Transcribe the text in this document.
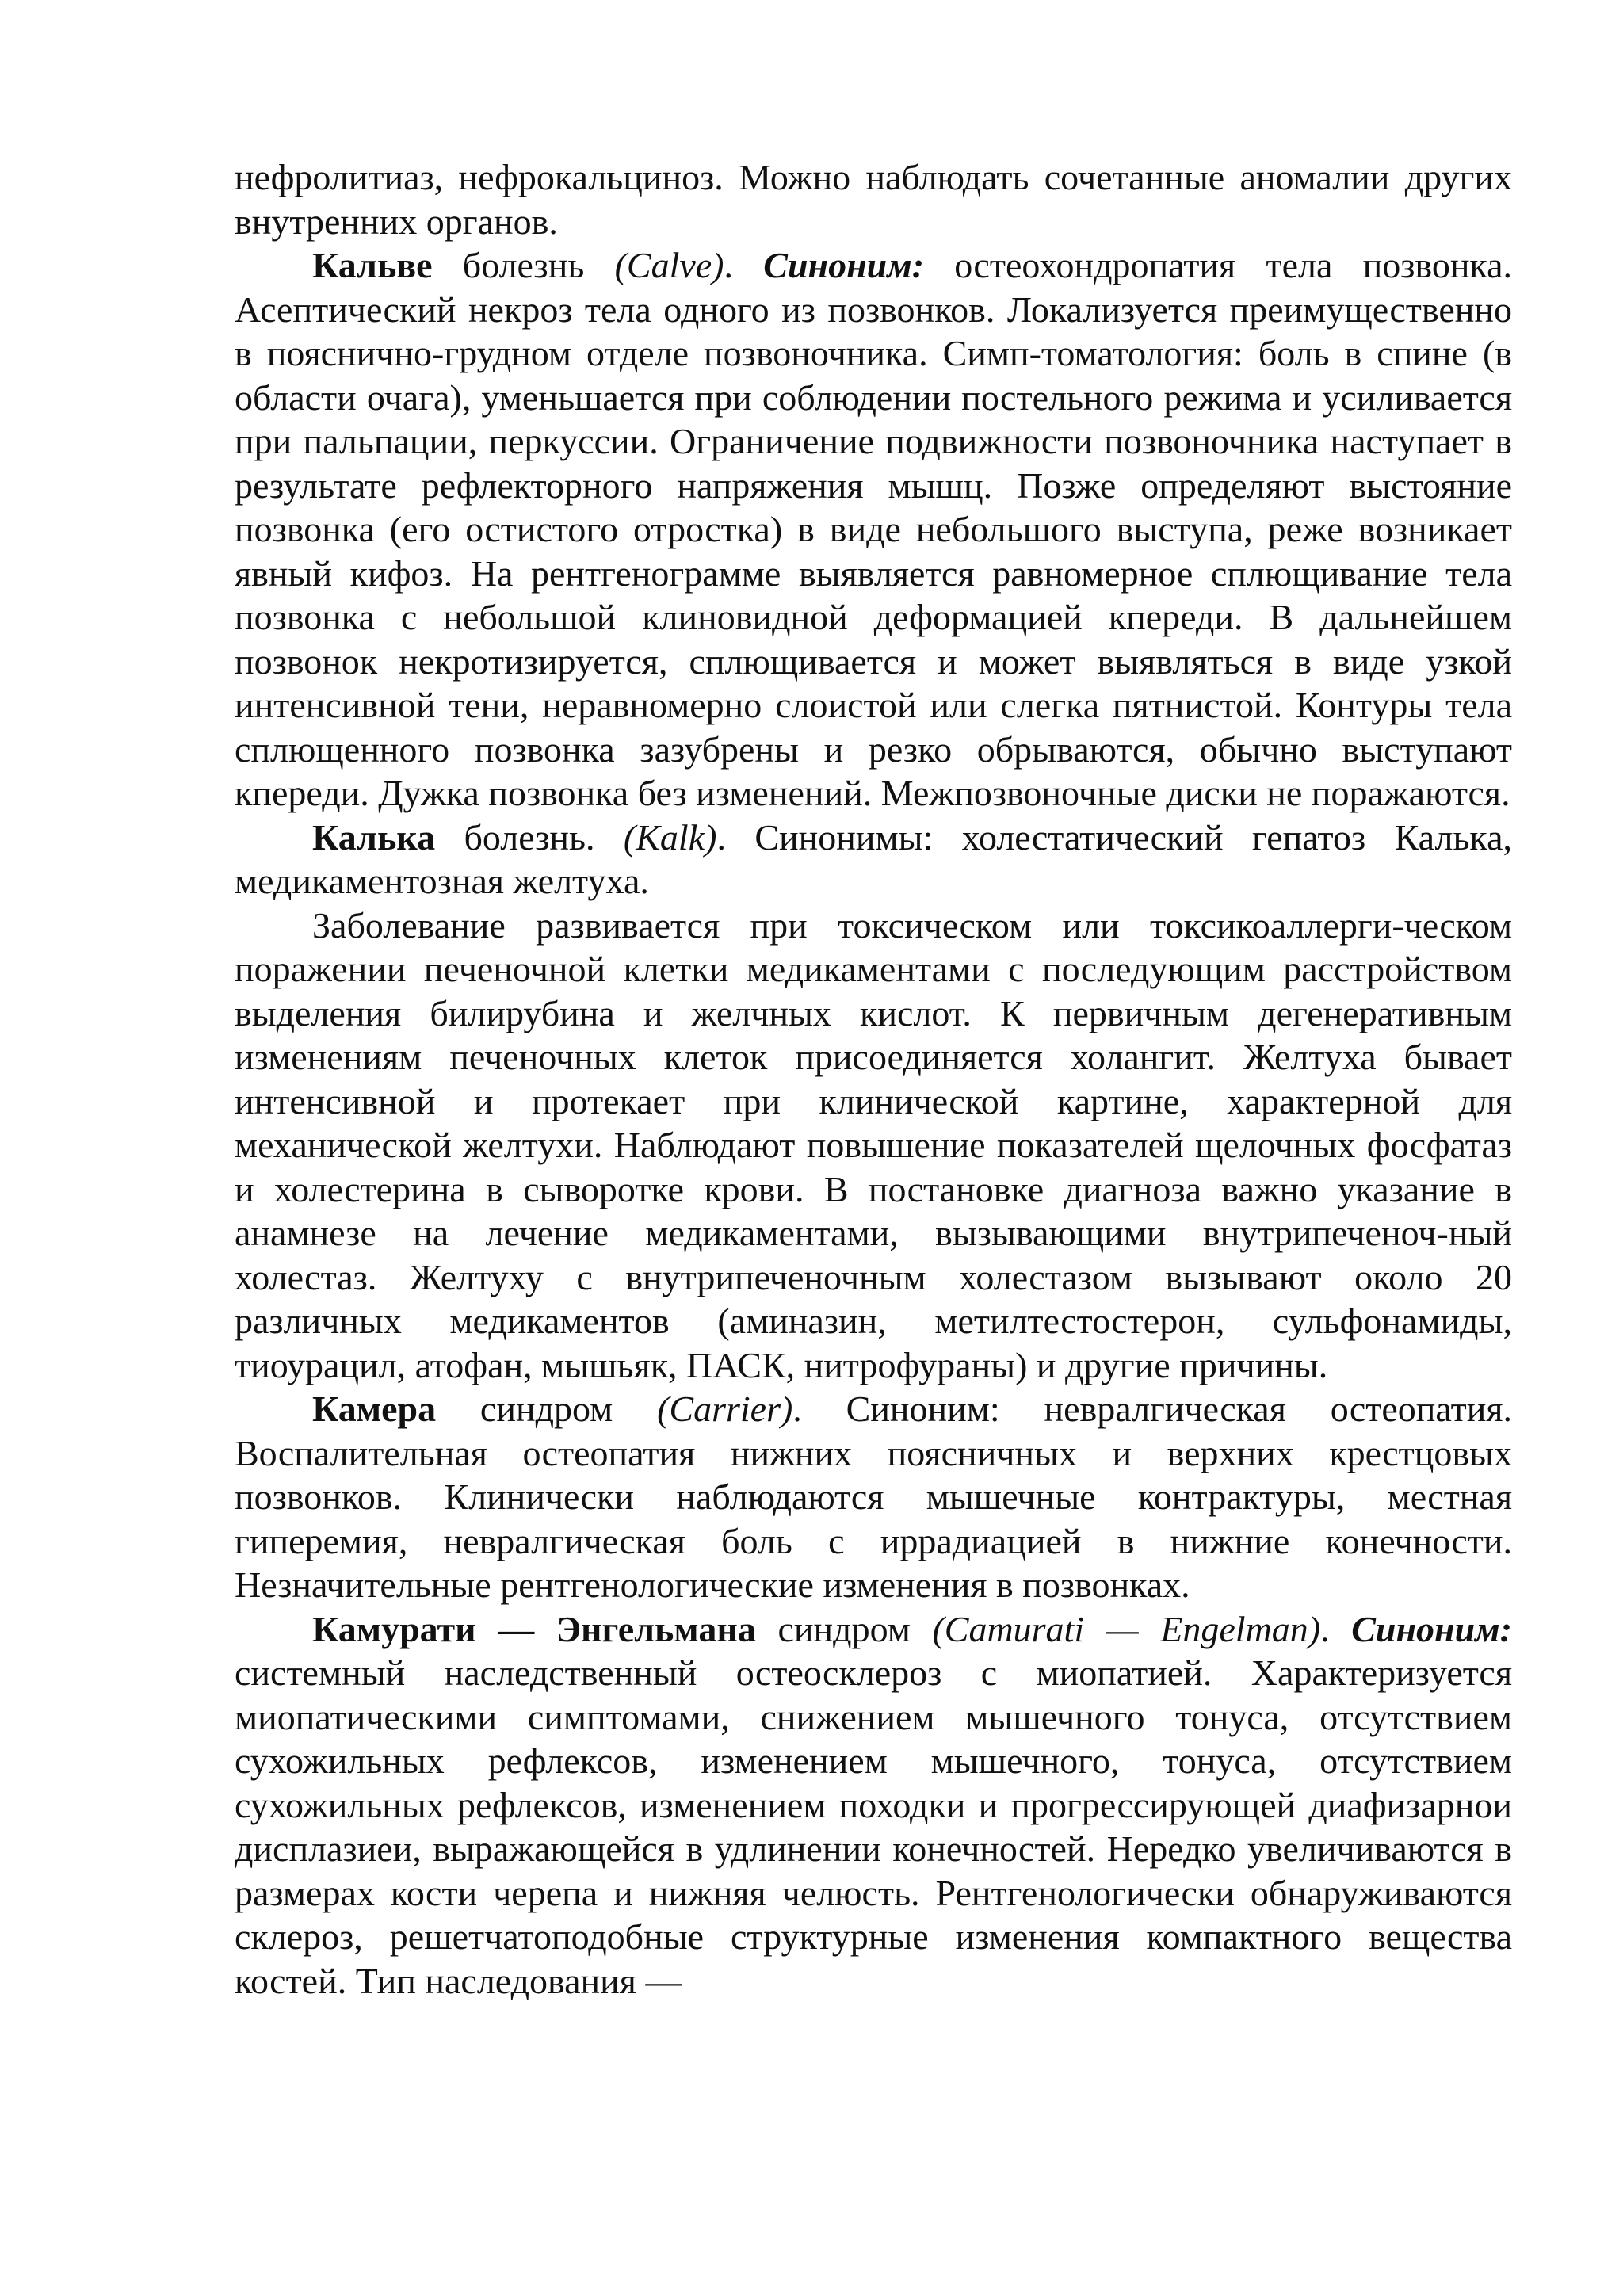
нефролитиаз, нефрокальциноз. Можно наблюдать сочетанные аномалии других внутренних органов.

Кальве болезнь (Calve). Синоним: остеохондропатия тела позвонка. Асептический некроз тела одного из позвонков. Локализуется преимущественно в пояснично-грудном отделе позвоночника. Симп-томатология: боль в спине (в области очага), уменьшается при соблюдении постельного режима и усиливается при пальпации, перкуссии. Ограничение подвижности позвоночника наступает в результате рефлекторного напряжения мышц. Позже определяют выстояние позвонка (его остистого отростка) в виде небольшого выступа, реже возникает явный кифоз. На рентгенограмме выявляется равномерное сплющивание тела позвонка с небольшой клиновидной деформацией кпереди. В дальнейшем позвонок некротизируется, сплющивается и может выявляться в виде узкой интенсивной тени, неравномерно слоистой или слегка пятнистой. Контуры тела сплющенного позвонка зазубрены и резко обрываются, обычно выступают кпереди. Дужка позвонка без изменений. Межпозвоночные диски не поражаются.

Калька болезнь. (Kalk). Синонимы: холестатический гепатоз Калька, медикаментозная желтуха.

Заболевание развивается при токсическом или токсикоаллерги-ческом поражении печеночной клетки медикаментами с последующим расстройством выделения билирубина и желчных кислот. К первичным дегенеративным изменениям печеночных клеток присоединяется холангит. Желтуха бывает интенсивной и протекает при клинической картине, характерной для механической желтухи. Наблюдают повышение показателей щелочных фосфатаз и холестерина в сыворотке крови. В постановке диагноза важно указание в анамнезе на лечение медикаментами, вызывающими внутрипеченоч-ный холестаз. Желтуху с внутрипеченочным холестазом вызывают около 20 различных медикаментов (аминазин, метилтестостерон, сульфонамиды, тиоурацил, атофан, мышьяк, ПАСК, нитрофураны) и другие причины.

Камера синдром (Carrier). Синоним: невралгическая остеопатия. Воспалительная остеопатия нижних поясничных и верхних крестцовых позвонков. Клинически наблюдаются мышечные контрактуры, местная гиперемия, невралгическая боль с иррадиацией в нижние конечности. Незначительные рентгенологические изменения в позвонках.

Камурати — Энгельмана синдром (Camurati — Engelman). Синоним: системный наследственный остеосклероз с миопатией. Характеризуется миопатическими симптомами, снижением мышечного тонуса, отсутствием сухожильных рефлексов, изменением мышечного, тонуса, отсутствием сухожильных рефлексов, изменением походки и прогрессирующей диафизарнои дисплазиеи, выражающейся в удлинении конечностей. Нередко увеличиваются в размерах кости черепа и нижняя челюсть. Рентгенологически обнаруживаются склероз, решетчатоподобные структурные изменения компактного вещества костей. Тип наследования —
